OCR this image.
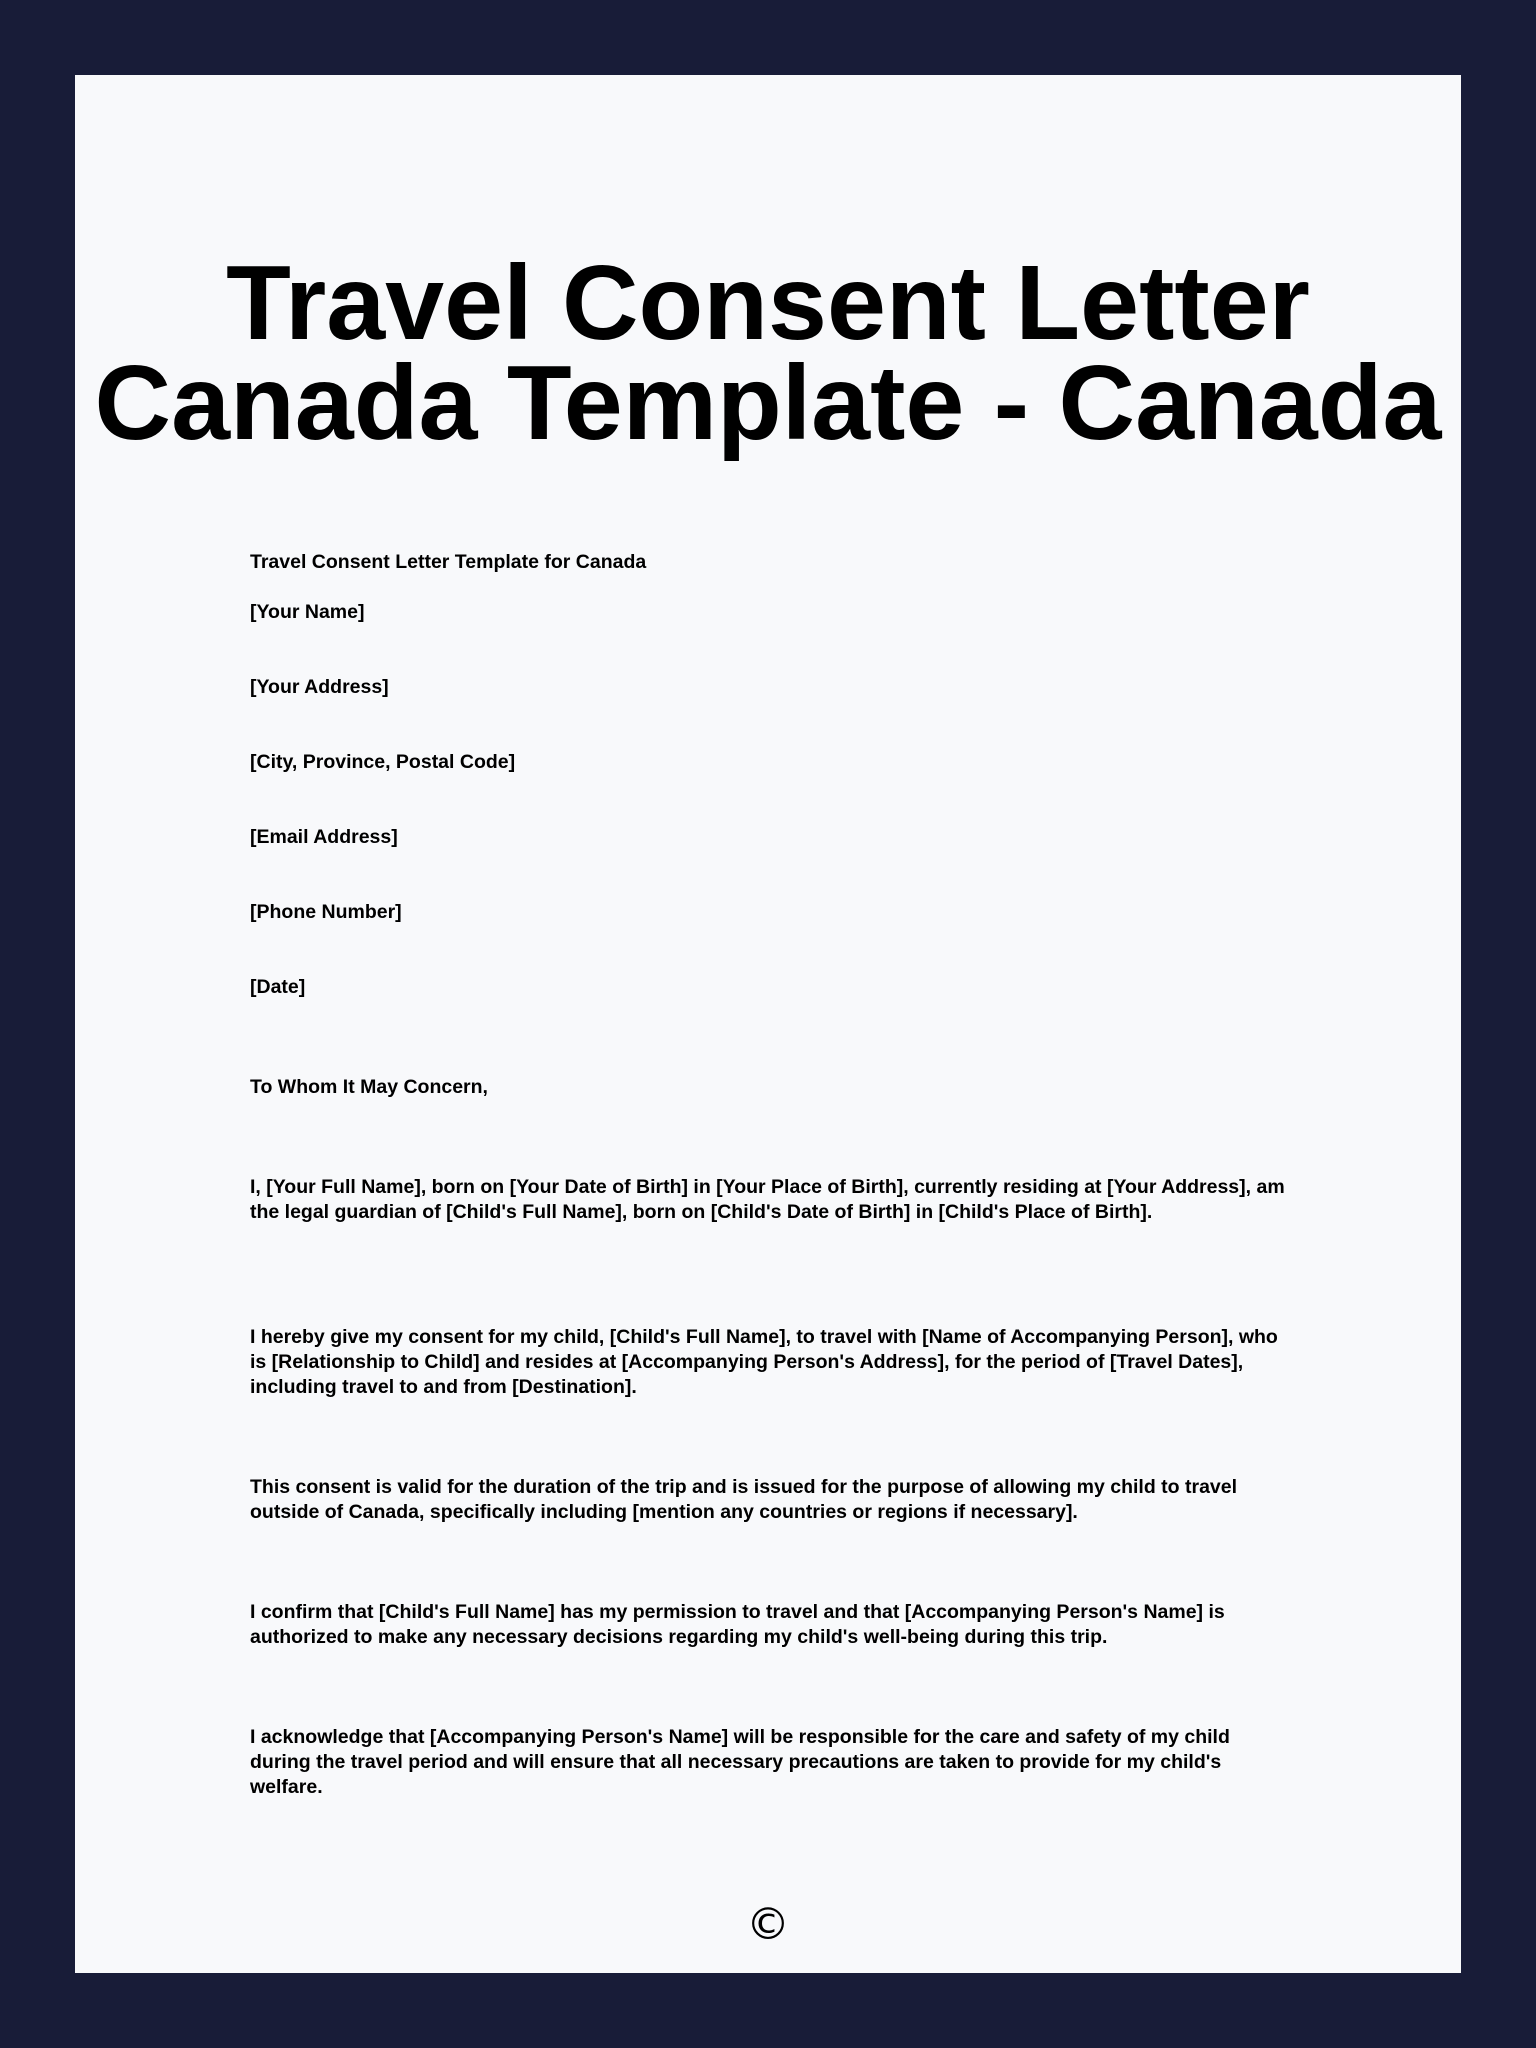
Travel Consent Letter
Canada Template - Canada

Travel Consent Letter Template for Canada

[Your Name]

[Your Address]

[City, Province, Postal Code]

[Email Address]

[Phone Number]

[Date]

To Whom It May Concern,

I, [Your Full Name], born on [Your Date of Birth] in [Your Place of Birth], currently residing at [Your Address], am the legal guardian of [Child's Full Name], born on [Child's Date of Birth] in [Child's Place of Birth].

I hereby give my consent for my child, [Child's Full Name], to travel with [Name of Accompanying Person], who is [Relationship to Child] and resides at [Accompanying Person's Address], for the period of [Travel Dates], including travel to and from [Destination].

This consent is valid for the duration of the trip and is issued for the purpose of allowing my child to travel outside of Canada, specifically including [mention any countries or regions if necessary].

I confirm that [Child's Full Name] has my permission to travel and that [Accompanying Person's Name] is authorized to make any necessary decisions regarding my child's well-being during this trip.

I acknowledge that [Accompanying Person's Name] will be responsible for the care and safety of my child during the travel period and will ensure that all necessary precautions are taken to provide for my child's welfare.

©
